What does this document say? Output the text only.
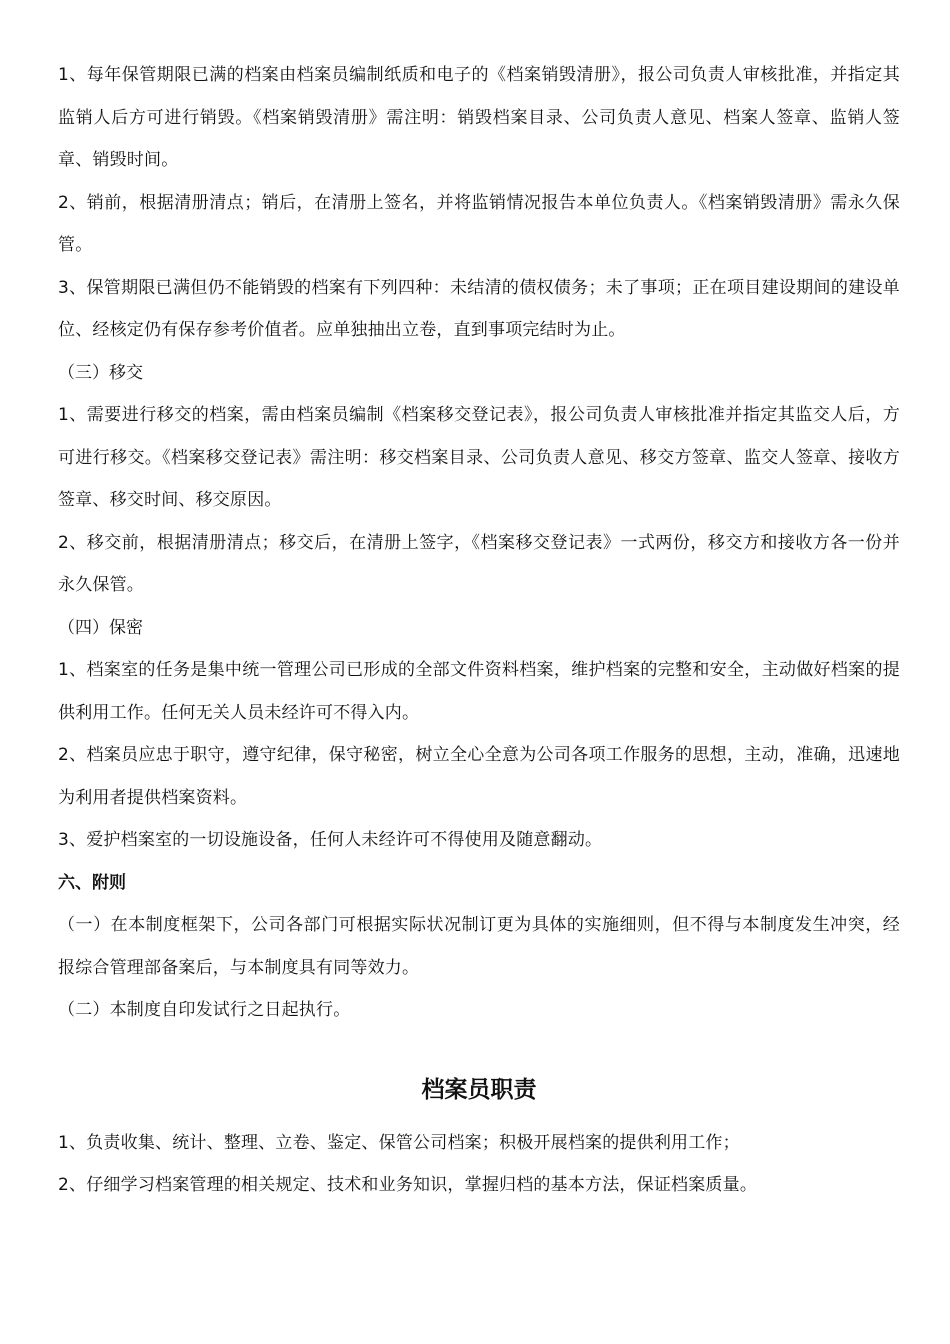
1、每年保管期限已满的档案由档案员编制纸质和电子的《档案销毁清册》，报公司负责人审核批准，并指定其监销人后方可进行销毁。《档案销毁清册》需注明：销毁档案目录、公司负责人意见、档案人签章、监销人签章、销毁时间。

2、销前，根据清册清点；销后，在清册上签名，并将监销情况报告本单位负责人。《档案销毁清册》需永久保管。

3、保管期限已满但仍不能销毁的档案有下列四种：未结清的债权债务；未了事项；正在项目建设期间的建设单位、经核定仍有保存参考价值者。应单独抽出立卷，直到事项完结时为止。

（三）移交

1、需要进行移交的档案，需由档案员编制《档案移交登记表》，报公司负责人审核批准并指定其监交人后，方可进行移交。《档案移交登记表》需注明：移交档案目录、公司负责人意见、移交方签章、监交人签章、接收方签章、移交时间、移交原因。

2、移交前，根据清册清点；移交后，在清册上签字，《档案移交登记表》一式两份，移交方和接收方各一份并永久保管。

（四）保密

1、档案室的任务是集中统一管理公司已形成的全部文件资料档案，维护档案的完整和安全，主动做好档案的提供利用工作。任何无关人员未经许可不得入内。

2、档案员应忠于职守，遵守纪律，保守秘密，树立全心全意为公司各项工作服务的思想，主动，准确，迅速地为利用者提供档案资料。

3、爱护档案室的一切设施设备，任何人未经许可不得使用及随意翻动。

六、附则

（一）在本制度框架下，公司各部门可根据实际状况制订更为具体的实施细则，但不得与本制度发生冲突，经报综合管理部备案后，与本制度具有同等效力。

（二）本制度自印发试行之日起执行。

档案员职责

1、负责收集、统计、整理、立卷、鉴定、保管公司档案；积极开展档案的提供利用工作；

2、仔细学习档案管理的相关规定、技术和业务知识，掌握归档的基本方法，保证档案质量。
